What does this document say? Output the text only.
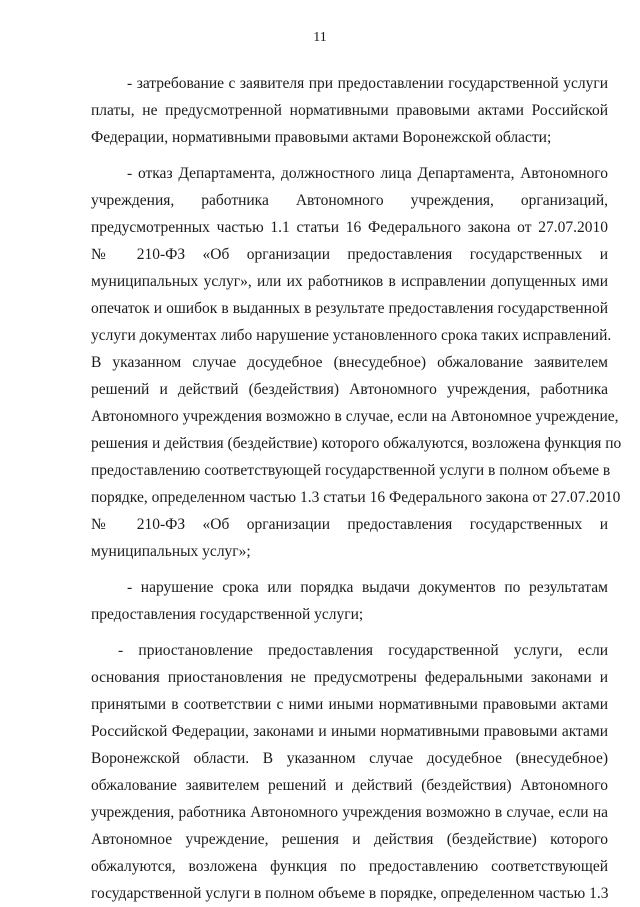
11
- затребование с заявителя при предоставлении государственной услуги
платы, не предусмотренной нормативными правовыми актами Российской
Федерации, нормативными правовыми актами Воронежской области;
- отказ Департамента, должностного лица Департамента, Автономного
учреждения,   работника   Автономного   учреждения,   организаций,
предусмотренных частью 1.1 статьи 16 Федерального закона от 27.07.2010
№ 210-ФЗ «Об организации предоставления государственных и
муниципальных услуг», или их работников в исправлении допущенных ими
опечаток и ошибок в выданных в результате предоставления государственной
услуги документах либо нарушение установленного срока таких исправлений.
В указанном случае досудебное (внесудебное) обжалование заявителем
решений и действий (бездействия) Автономного учреждения, работника
Автономного учреждения возможно в случае, если на Автономное учреждение,
решения и действия (бездействие) которого обжалуются, возложена функция по
предоставлению соответствующей государственной услуги в полном объеме в
порядке, определенном частью 1.3 статьи 16 Федерального закона от 27.07.2010
№ 210-ФЗ «Об организации предоставления государственных и
муниципальных услуг»;
- нарушение срока или порядка выдачи документов по результатам
предоставления государственной услуги;
- приостановление предоставления государственной услуги, если
основания приостановления не предусмотрены федеральными законами и
принятыми в соответствии с ними иными нормативными правовыми актами
Российской Федерации, законами и иными нормативными правовыми актами
Воронежской области. В указанном случае досудебное (внесудебное)
обжалование заявителем решений и действий (бездействия) Автономного
учреждения, работника Автономного учреждения возможно в случае, если на
Автономное учреждение, решения и действия (бездействие) которого
обжалуются, возложена функция по предоставлению соответствующей
государственной услуги в полном объеме в порядке, определенном частью 1.3
